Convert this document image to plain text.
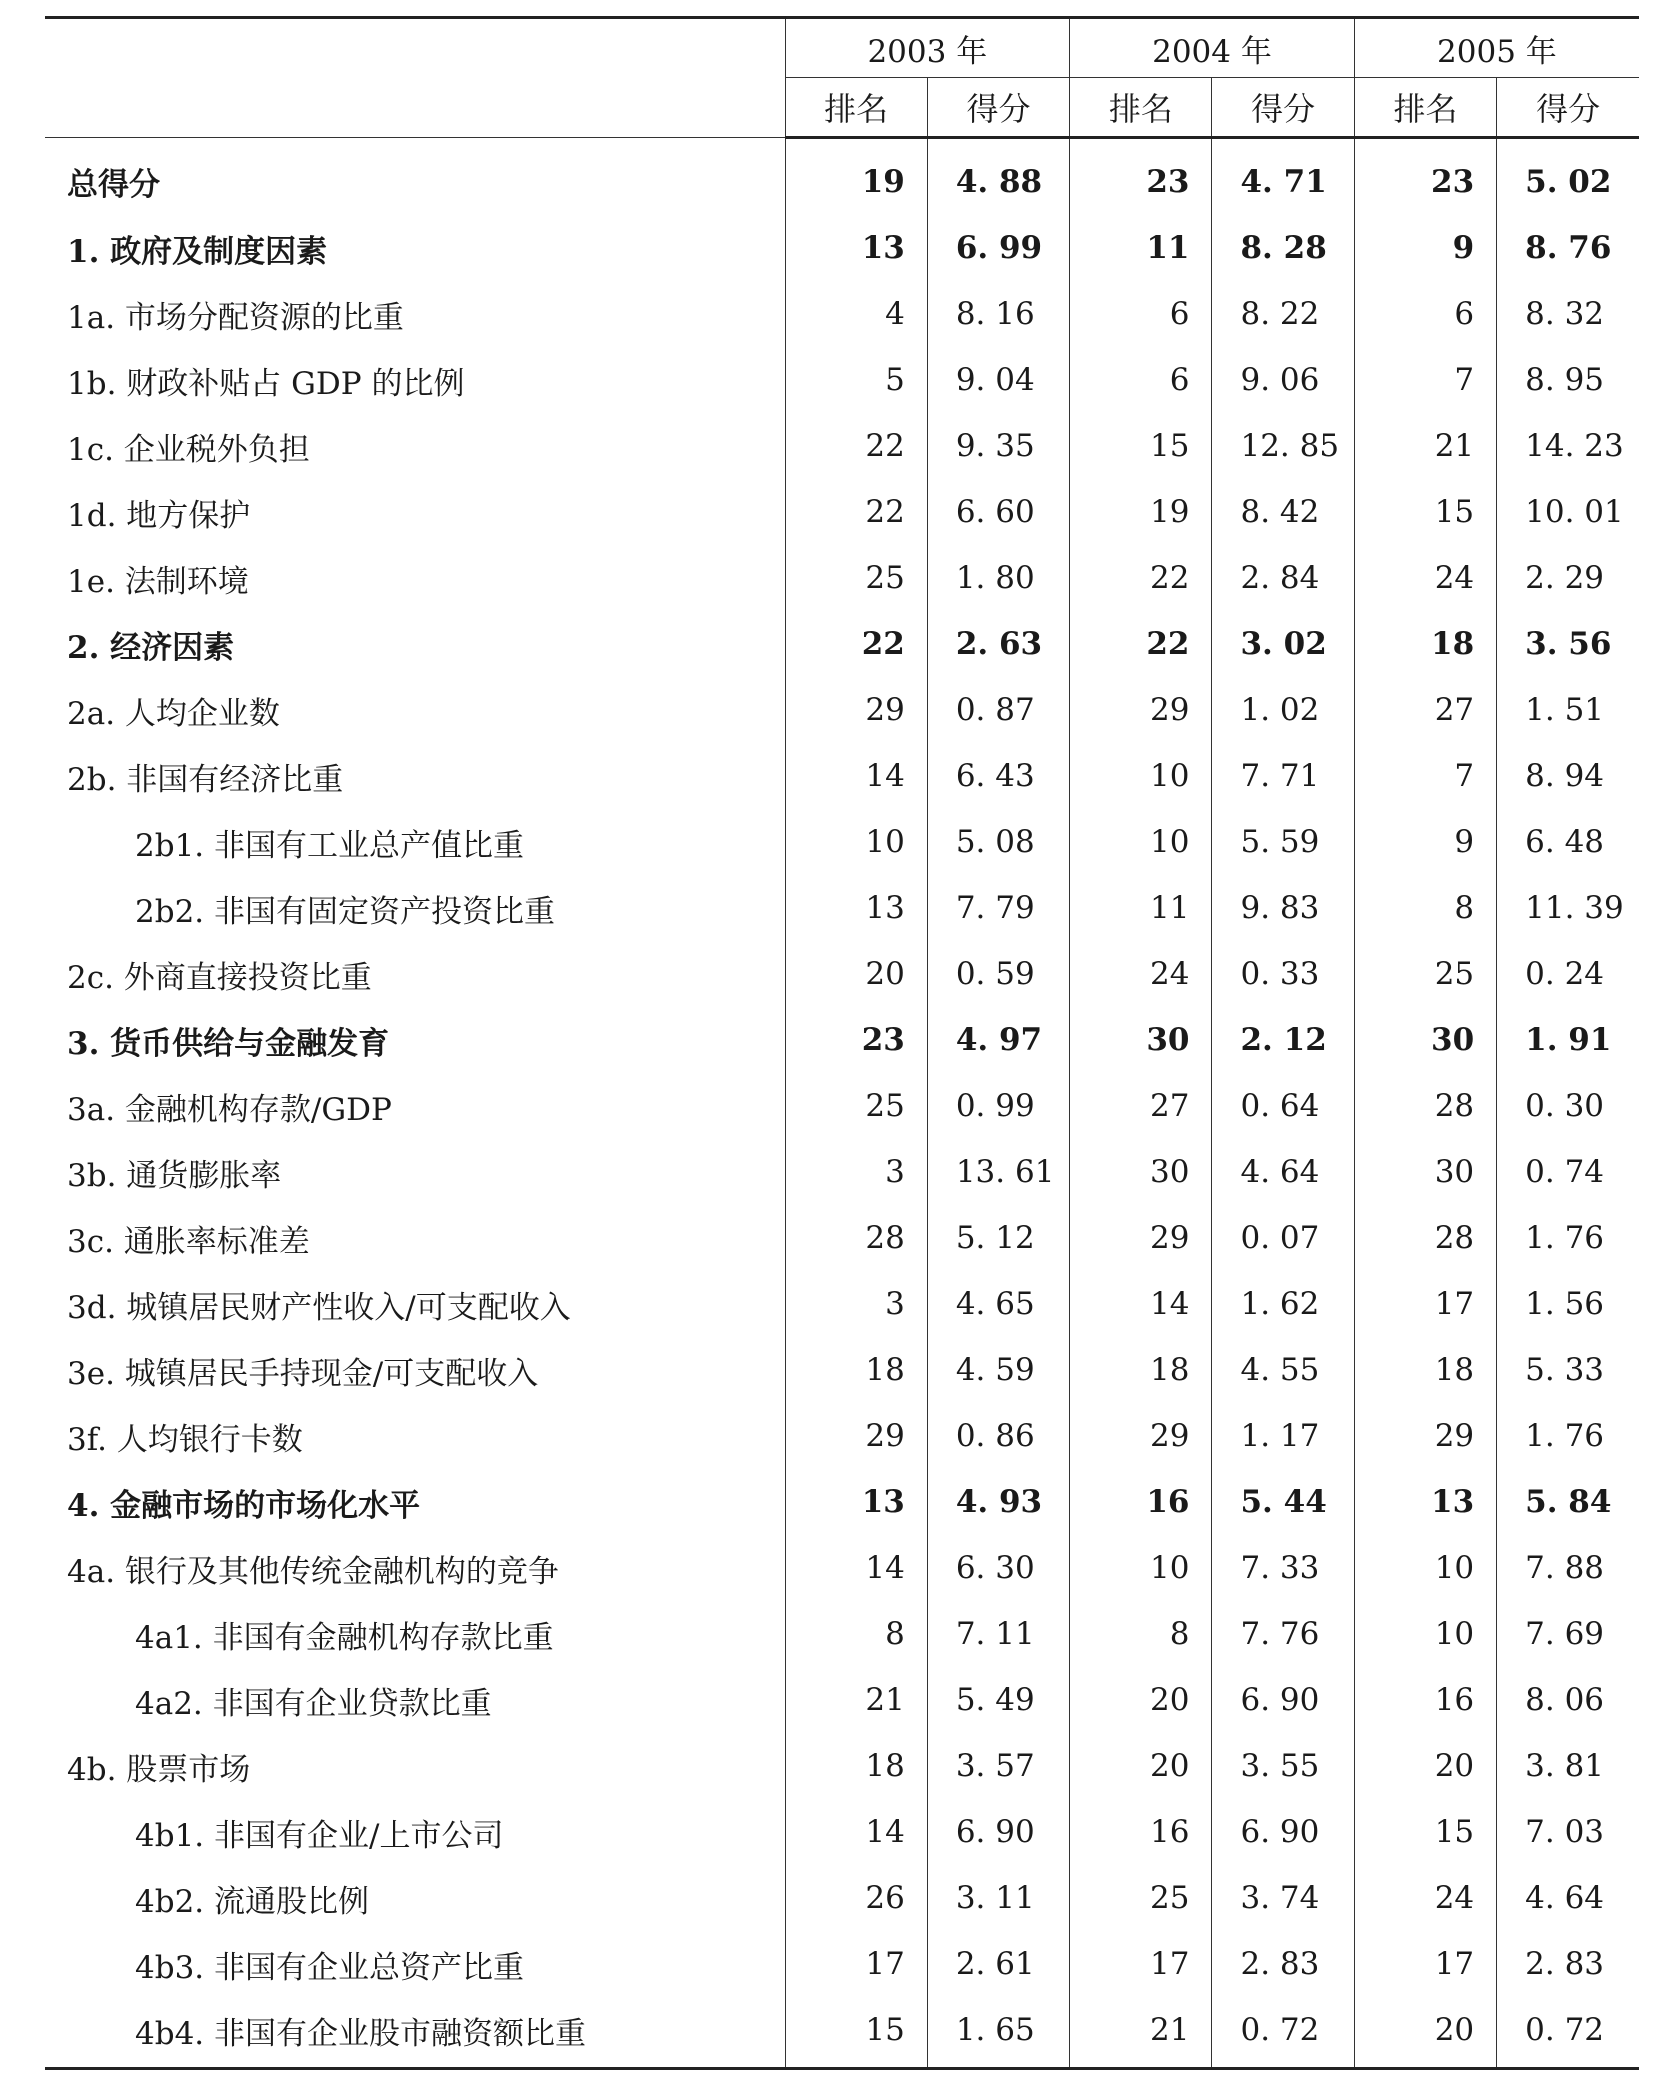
	2003 年		2004 年		2005 年	
	排名	得分	排名	得分	排名	得分
总得分	19	4. 88	23	4. 71	23	5. 02
1. 政府及制度因素	13	6. 99	11	8. 28	9	8. 76
1a. 市场分配资源的比重	4	8. 16	6	8. 22	6	8. 32
1b. 财政补贴占 GDP 的比例	5	9. 04	6	9. 06	7	8. 95
1c. 企业税外负担	22	9. 35	15	12. 85	21	14. 23
1d. 地方保护	22	6. 60	19	8. 42	15	10. 01
1e. 法制环境	25	1. 80	22	2. 84	24	2. 29
2. 经济因素	22	2. 63	22	3. 02	18	3. 56
2a. 人均企业数	29	0. 87	29	1. 02	27	1. 51
2b. 非国有经济比重	14	6. 43	10	7. 71	7	8. 94
2b1. 非国有工业总产值比重	10	5. 08	10	5. 59	9	6. 48
2b2. 非国有固定资产投资比重	13	7. 79	11	9. 83	8	11. 39
2c. 外商直接投资比重	20	0. 59	24	0. 33	25	0. 24
3. 货币供给与金融发育	23	4. 97	30	2. 12	30	1. 91
3a. 金融机构存款/GDP	25	0. 99	27	0. 64	28	0. 30
3b. 通货膨胀率	3	13. 61	30	4. 64	30	0. 74
3c. 通胀率标准差	28	5. 12	29	0. 07	28	1. 76
3d. 城镇居民财产性收入/可支配收入	3	4. 65	14	1. 62	17	1. 56
3e. 城镇居民手持现金/可支配收入	18	4. 59	18	4. 55	18	5. 33
3f. 人均银行卡数	29	0. 86	29	1. 17	29	1. 76
4. 金融市场的市场化水平	13	4. 93	16	5. 44	13	5. 84
4a. 银行及其他传统金融机构的竞争	14	6. 30	10	7. 33	10	7. 88
4a1. 非国有金融机构存款比重	8	7. 11	8	7. 76	10	7. 69
4a2. 非国有企业贷款比重	21	5. 49	20	6. 90	16	8. 06
4b. 股票市场	18	3. 57	20	3. 55	20	3. 81
4b1. 非国有企业/上市公司	14	6. 90	16	6. 90	15	7. 03
4b2. 流通股比例	26	3. 11	25	3. 74	24	4. 64
4b3. 非国有企业总资产比重	17	2. 61	17	2. 83	17	2. 83
4b4. 非国有企业股市融资额比重	15	1. 65	21	0. 72	20	0. 72
